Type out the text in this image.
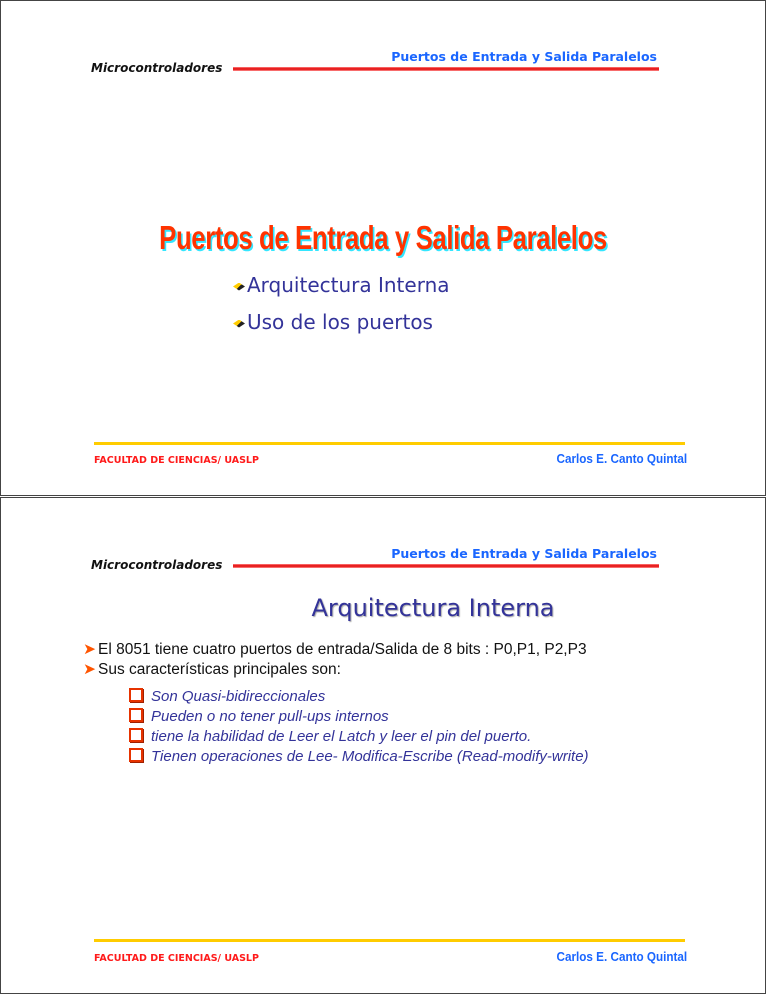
Puertos de Entrada y Salida Paralelos
Microcontroladores
Puertos de Entrada y Salida Paralelos
Arquitectura Interna
Uso de los puertos
FACULTAD DE CIENCIAS/ UASLP	Carlos E. Canto Quintal
Puertos de Entrada y Salida Paralelos
Microcontroladores
Arquitectura Interna
➤ El 8051 tiene cuatro puertos de entrada/Salida de 8 bits : P0,P1, P2,P3
➤ Sus características principales son:
Son Quasi-bidireccionales
Pueden o no tener pull-ups internos
tiene la habilidad de Leer el Latch y leer el pin del puerto.
Tienen operaciones de Lee- Modifica-Escribe (Read-modify-write)
FACULTAD DE CIENCIAS/ UASLP	Carlos E. Canto Quintal
